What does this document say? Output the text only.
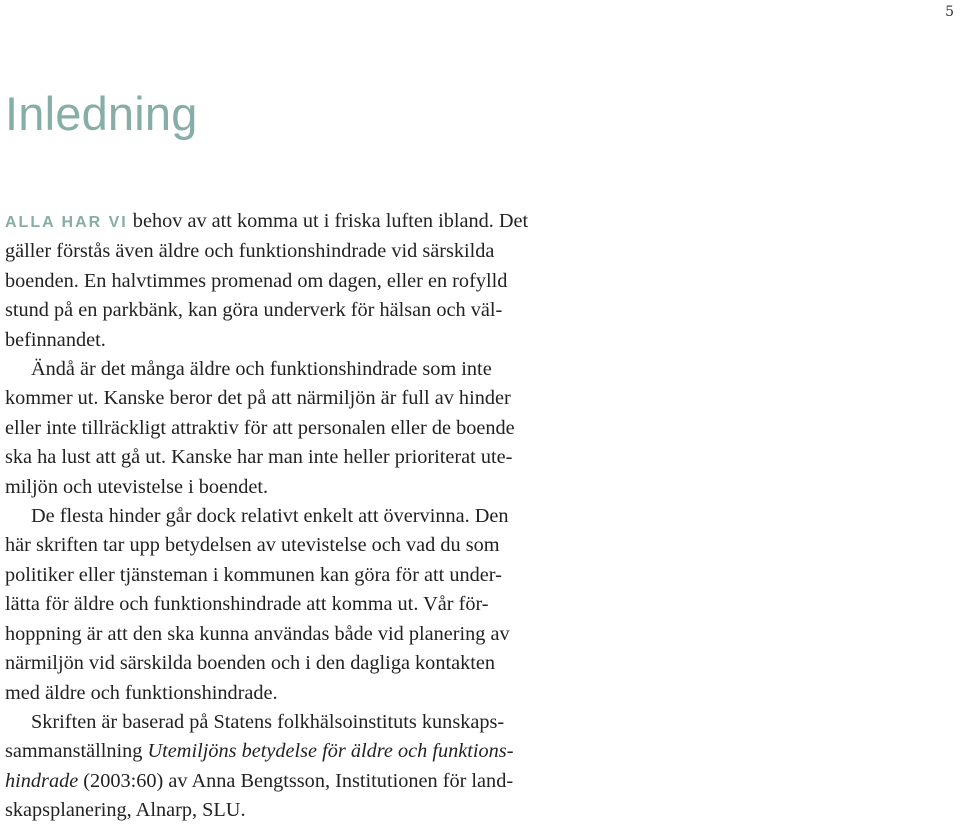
5
Inledning
ALLA HAR VI behov av att komma ut i friska luften ibland. Det
gäller förstås även äldre och funktionshindrade vid särskilda
boenden. En halvtimmes promenad om dagen, eller en rofylld
stund på en parkbänk, kan göra underverk för hälsan och väl-
befinnandet.
Ändå är det många äldre och funktionshindrade som inte
kommer ut. Kanske beror det på att närmiljön är full av hinder
eller inte tillräckligt attraktiv för att personalen eller de boende
ska ha lust att gå ut. Kanske har man inte heller prioriterat ute-
miljön och utevistelse i boendet.
De flesta hinder går dock relativt enkelt att övervinna. Den
här skriften tar upp betydelsen av utevistelse och vad du som
politiker eller tjänsteman i kommunen kan göra för att under-
lätta för äldre och funktionshindrade att komma ut. Vår för-
hoppning är att den ska kunna användas både vid planering av
närmiljön vid särskilda boenden och i den dagliga kontakten
med äldre och funktionshindrade.
Skriften är baserad på Statens folkhälsoinstituts kunskaps-
sammanställning Utemiljöns betydelse för äldre och funktions-
hindrade (2003:60) av Anna Bengtsson, Institutionen för land-
skapsplanering, Alnarp, SLU.
